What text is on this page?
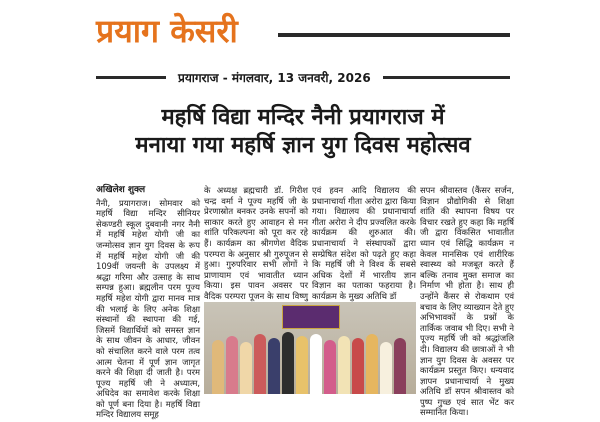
प्रयाग केसरी
प्रयागराज - मंगलवार, 13 जनवरी, 2026
महर्षि विद्या मन्दिर नैनी प्रयागराज में
मनाया गया महर्षि ज्ञान युग दिवस महोत्सव
अखिलेश शुक्ल

नैनी, प्रयागराज। सोमवार को महर्षि विद्या मन्दिर सीनियर सेकण्डरी स्कूल दुबवानी नगर नैनी में महर्षि महेश योगी जी का जन्मोत्सव ज्ञान युग दिवस के रूप में महर्षि महेश योगी जी की 109वीं जयन्ती के उपलक्ष्य में श्रद्धा गरिमा और उत्साह के साथ सम्पन्न हुआ। ब्रह्मलीन परम पूज्य महर्षि महेश योगी द्वारा मानव मात्र की भलाई के लिए अनेक शिक्षा संस्थानों की स्थापना की गई, जिसमें विद्यार्थियों को समस्त ज्ञान के साथ जीवन के आधार, जीवन को संचालित करने वाले परम तत्व आत्म चेतना में पूर्ण ज्ञान जागृत करने की शिक्षा दी जाती है। परम पूज्य महर्षि जी ने अध्यात्म, अधिदेव का समावेश करके शिक्षा को पूर्ण बना दिया है। महर्षि विद्या मन्दिर विद्यालय समूह

के अध्यक्ष ब्रह्मचारी डॉ. गिरीश चन्द्र वर्मा ने पूज्य महर्षि जी के प्रेरणास्रोत बनकर उनके सपनों को साकार करते हुए आवाहन से मन शांति परिकल्पना को पूरा कर रहे हैं। कार्यक्रम का श्रीगणेश वैदिक परम्परा के अनुसार श्री गुरुपूजन से हुआ। गुरुपरिवार सभी लोगों ने प्राणायाम एवं भावातीत ध्यान किया। इस पावन अवसर पर वैदिक परम्परा पूजन के साथ विष्णु

एवं हवन आदि विद्यालय की प्रधानाचार्या गीता अरोरा द्वारा किया गया। विद्यालय की प्रधानाचार्या गीता अरोरा ने दीप प्रज्वलित करके कार्यक्रम की शुरुआत की। प्रधानाचार्या ने संस्थापकों द्वारा सम्प्रेषित संदेश को पढ़ते हुए कहा कि महर्षि जी ने विश्व के सबसे अधिक देशों में भारतीय ज्ञान विज्ञान का पताका फहराया है। कार्यक्रम के मुख्य अतिथि डॉ

सपन श्रीवास्तव (कैंसर सर्जन, विज्ञान प्रौद्योगिकी से शिक्षा शांति की स्थापना विषय पर विचार रखते हुए कहा कि महर्षि जी द्वारा विकसित भावातीत ध्यान एवं सिद्धि कार्यक्रम न केवल मानसिक एवं शारीरिक स्वास्थ्य को मजबूत करते हैं बल्कि तनाव मुक्त समाज का निर्माण भी होता है। साथ ही उन्होंने कैंसर से रोकथाम एवं बचाव के लिए व्याख्यान देते हुए अभिभावकों के प्रश्नों के तार्किक जवाब भी दिए। सभी ने पूज्य महर्षि जी को श्रद्धांजलि दी। विद्यालय की छात्राओं ने भी ज्ञान युग दिवस के अवसर पर कार्यक्रम प्रस्तुत किए। धन्यवाद ज्ञापन प्रधानाचार्या ने मुख्य अतिथि डॉ सपन श्रीवास्तव को पुष्प गुच्छ एवं सात भेंट कर सम्मानित किया।
